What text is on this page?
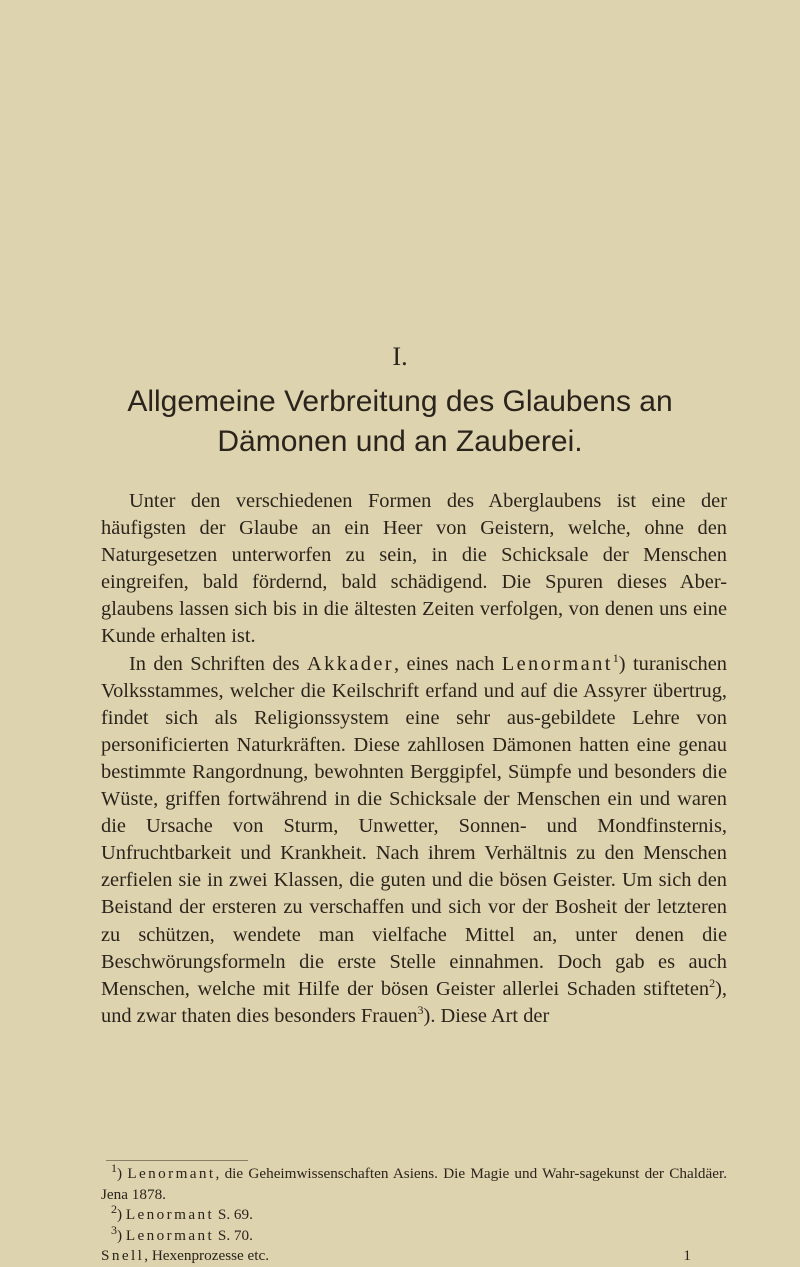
I.
Allgemeine Verbreitung des Glaubens an
Dämonen und an Zauberei.

Unter den verschiedenen Formen des Aberglaubens ist eine der häufigsten der Glaube an ein Heer von Geistern, welche, ohne den Naturgesetzen unterworfen zu sein, in die Schicksale der Menschen eingreifen, bald fördernd, bald schädigend. Die Spuren dieses Aber-glaubens lassen sich bis in die ältesten Zeiten verfolgen, von denen uns eine Kunde erhalten ist.

In den Schriften des Akkader, eines nach Lenormant$^1$) turanischen Volksstammes, welcher die Keilschrift erfand und auf die Assyrer übertrug, findet sich als Religionssystem eine sehr aus-gebildete Lehre von personificierten Naturkräften. Diese zahllosen Dämonen hatten eine genau bestimmte Rangordnung, bewohnten Berggipfel, Sümpfe und besonders die Wüste, griffen fortwährend in die Schicksale der Menschen ein und waren die Ursache von Sturm, Unwetter, Sonnen- und Mondfinsternis, Unfruchtbarkeit und Krankheit. Nach ihrem Verhältnis zu den Menschen zerfielen sie in zwei Klassen, die guten und die bösen Geister. Um sich den Beistand der ersteren zu verschaffen und sich vor der Bosheit der letzteren zu schützen, wendete man vielfache Mittel an, unter denen die Beschwörungsformeln die erste Stelle einnahmen. Doch gab es auch Menschen, welche mit Hilfe der bösen Geister allerlei Schaden stifteten$^2$), und zwar thaten dies besonders Frauen$^3$). Diese Art der

$^1$) Lenormant, die Geheimwissenschaften Asiens. Die Magie und Wahr-sagekunst der Chaldäer. Jena 1878.

$^2$) Lenormant S. 69.

$^3$) Lenormant S. 70.

Snell, Hexenprozesse etc.	1
